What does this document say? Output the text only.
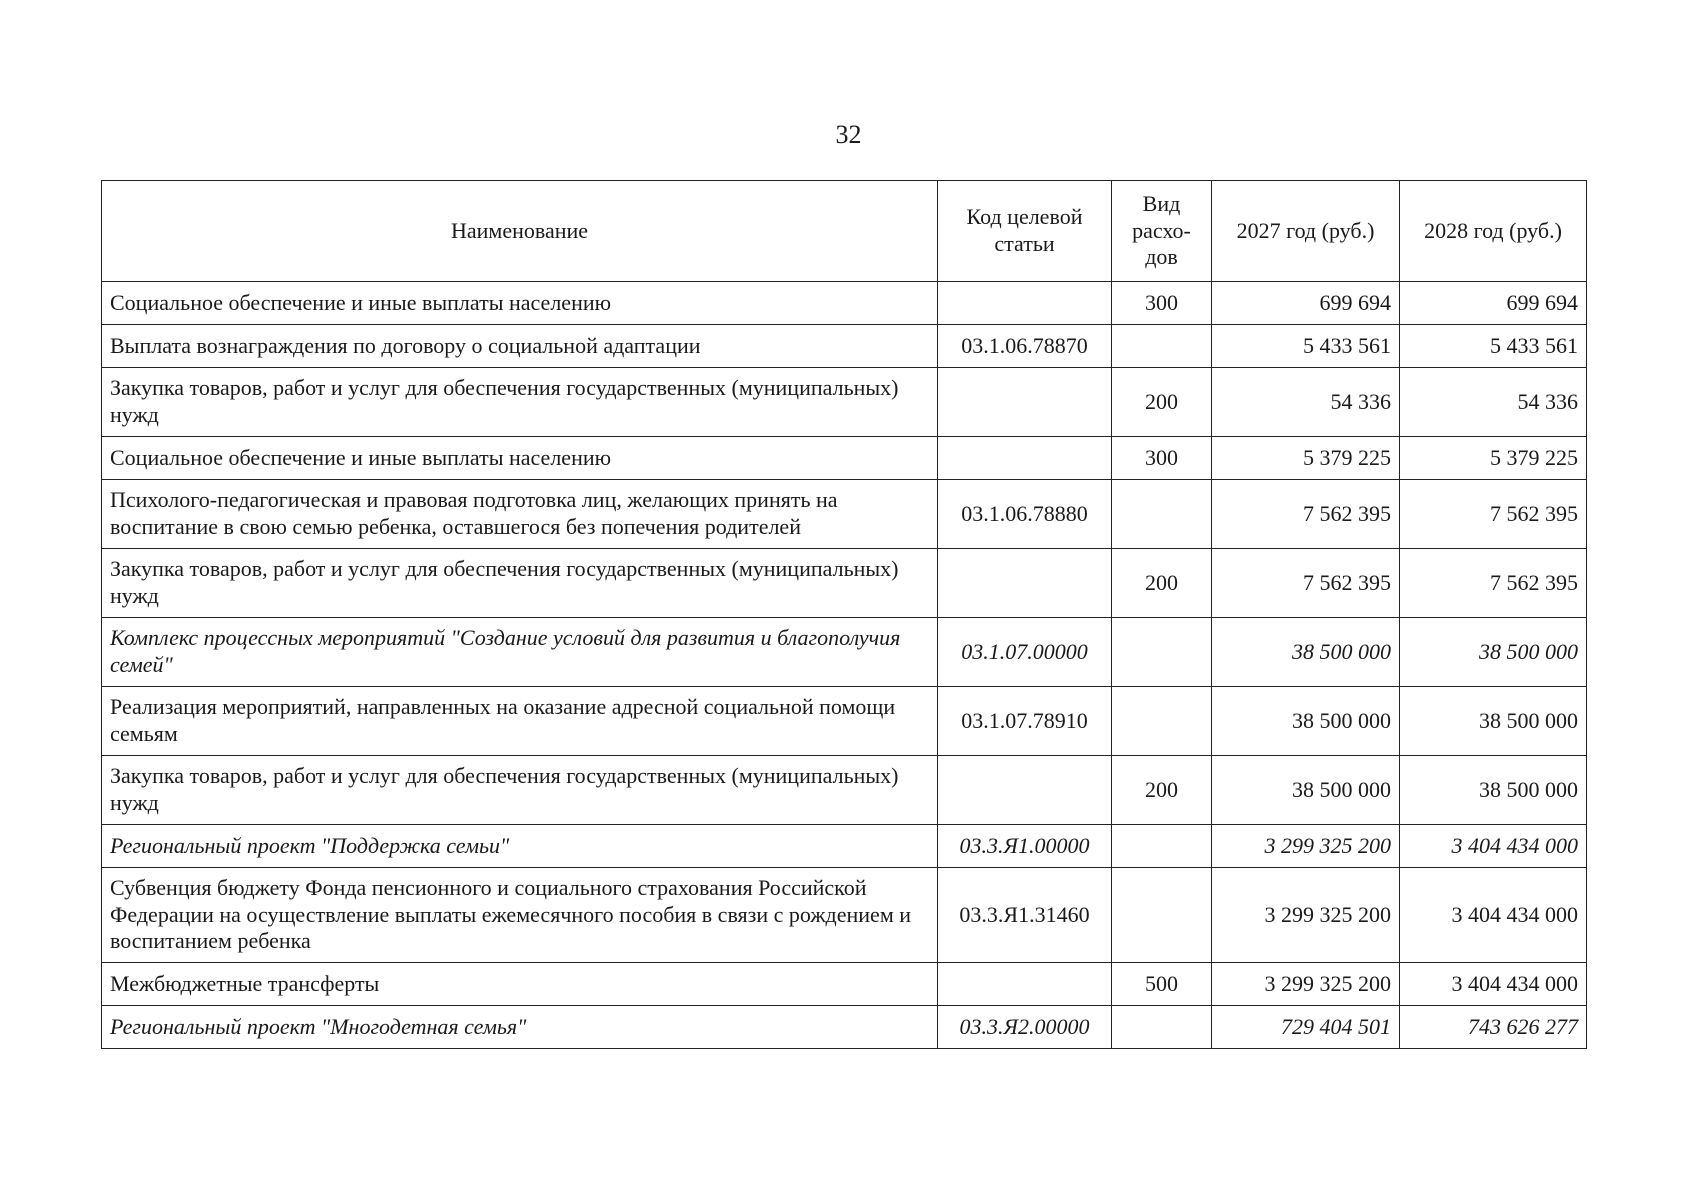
32
Наименование	Код целевой статьи	Вид расхо-дов	2027 год (руб.)	2028 год (руб.)
Социальное обеспечение и иные выплаты населению		300	699 694	699 694
Выплата вознаграждения по договору о социальной адаптации	03.1.06.78870		5 433 561	5 433 561
Закупка товаров, работ и услуг для обеспечения государственных (муниципальных) нужд		200	54 336	54 336
Социальное обеспечение и иные выплаты населению		300	5 379 225	5 379 225
Психолого-педагогическая и правовая подготовка лиц, желающих принять на воспитание в свою семью ребенка, оставшегося без попечения родителей	03.1.06.78880		7 562 395	7 562 395
Закупка товаров, работ и услуг для обеспечения государственных (муниципальных) нужд		200	7 562 395	7 562 395
Комплекс процессных мероприятий "Создание условий для развития и благополучия семей"	03.1.07.00000		38 500 000	38 500 000
Реализация мероприятий, направленных на оказание адресной социальной помощи семьям	03.1.07.78910		38 500 000	38 500 000
Закупка товаров, работ и услуг для обеспечения государственных (муниципальных) нужд		200	38 500 000	38 500 000
Региональный проект "Поддержка семьи"	03.3.Я1.00000		3 299 325 200	3 404 434 000
Субвенция бюджету Фонда пенсионного и социального страхования Российской Федерации на осуществление выплаты ежемесячного пособия в связи с рождением и воспитанием ребенка	03.3.Я1.31460		3 299 325 200	3 404 434 000
Межбюджетные трансферты		500	3 299 325 200	3 404 434 000
Региональный проект "Многодетная семья"	03.3.Я2.00000		729 404 501	743 626 277
